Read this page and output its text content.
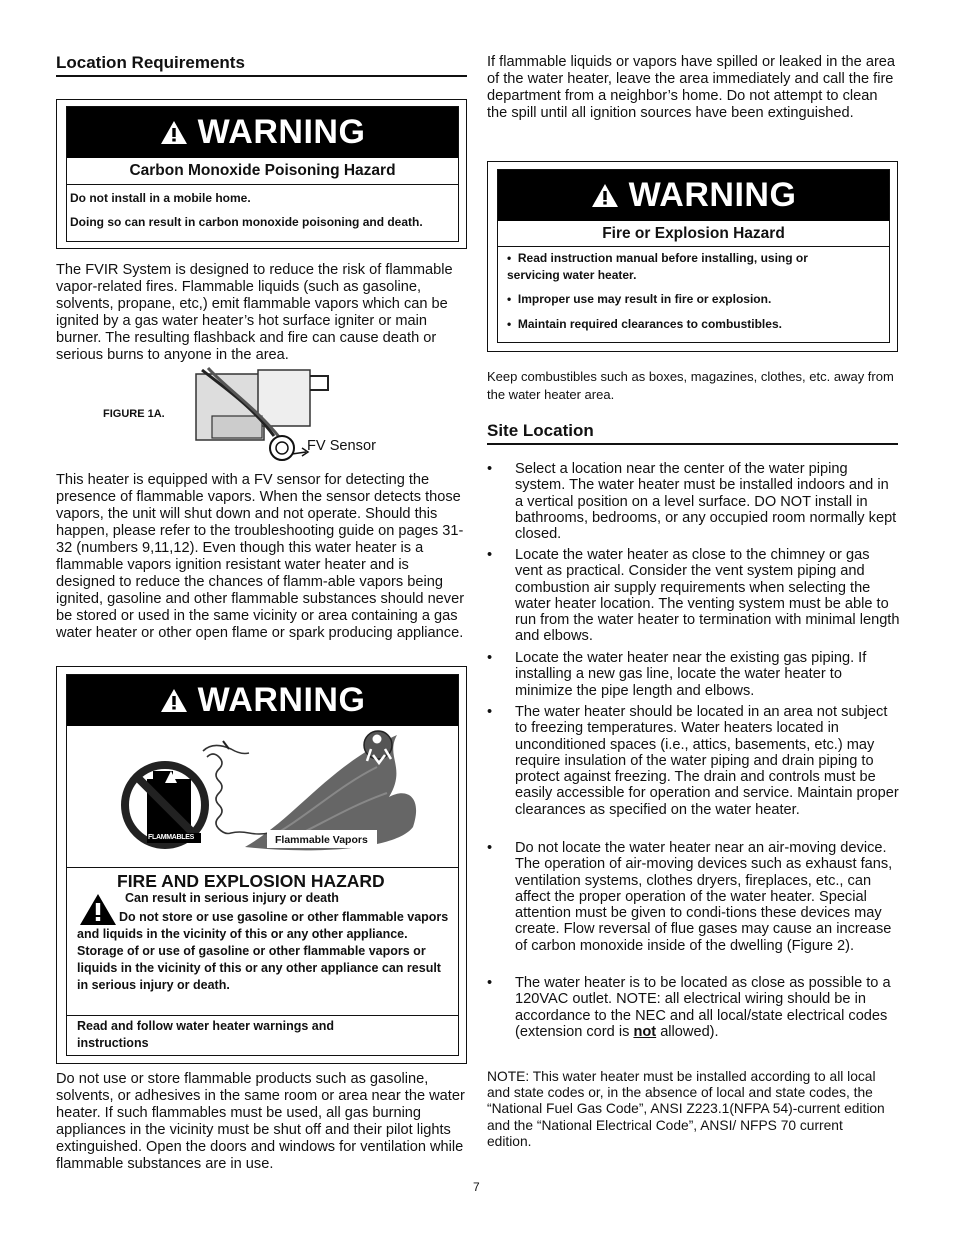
Location Requirements
WARNING
Carbon Monoxide Poisoning Hazard
Do not install in a mobile home.
Doing so can result in carbon monoxide poisoning and death.
The FVIR System is designed to reduce the risk of flammable vapor-related fires. Flammable liquids (such as gasoline, solvents, propane, etc,) emit flammable vapors which can be ignited by a gas water heater’s hot surface igniter or main burner. The resulting flashback and fire can cause death or serious burns to anyone in the area.
FIGURE 1A.
FV Sensor
This heater is equipped with a FV sensor for detecting the presence of flammable vapors. When the sensor detects those vapors, the unit will shut down and not operate. Should this happen, please refer to the troubleshooting guide on pages 31-32 (numbers 9,11,12). Even though this water heater is a flammable vapors ignition resistant water heater and is designed to reduce the chances of flamm-able vapors being ignited, gasoline and other flammable substances should never be stored or used in the same vicinity or area containing a gas water heater or other open flame or spark producing appliance.
WARNING
FLAMMABLES	Flammable Vapors
FIRE AND EXPLOSION HAZARD
Can result in serious injury or death
Do not store or use gasoline or other flammable vapors and liquids in the vicinity of this or any other appliance. Storage of or use of gasoline or other flammable vapors or liquids in the vicinity of this or any other appliance can result in serious injury or death.
Read and follow water heater warnings and instructions
Do not use or store flammable products such as gasoline, solvents, or adhesives in the same room or area near the water heater. If such flammables must be used, all gas burning appliances in the vicinity must be shut off and their pilot lights extinguished. Open the doors and windows for ventilation while flammable substances are in use.
If flammable liquids or vapors have spilled or leaked in the area of the water heater, leave the area immediately and call the fire department from a neighbor’s home. Do not attempt to clean the spill until all ignition sources have been extinguished.
WARNING
Fire or Explosion Hazard
•  Read instruction manual before installing, using or servicing water heater.
•  Improper use may result in fire or explosion.
•  Maintain required clearances to combustibles.
Keep combustibles such as boxes, magazines, clothes, etc. away from the water heater area.
Site Location
• Select a location near the center of the water piping system. The water heater must be installed indoors and in a vertical position on a level surface. DO NOT install in bathrooms, bedrooms, or any occupied room normally kept closed.
• Locate the water heater as close to the chimney or gas vent as practical. Consider the vent system piping and combustion air supply requirements when selecting the water heater location. The venting system must be able to run from the water heater to termination with minimal length and elbows.
• Locate the water heater near the existing gas piping. If installing a new gas line, locate the water heater to minimize the pipe length and elbows.
• The water heater should be located in an area not subject to freezing temperatures. Water heaters located in unconditioned spaces (i.e., attics, basements, etc.) may require insulation of the water piping and drain piping to protect against freezing. The drain and controls must be easily accessible for operation and service. Maintain proper clearances as specified on the water heater.
• Do not locate the water heater near an air-moving device. The operation of air-moving devices such as exhaust fans, ventilation systems, clothes dryers, fireplaces, etc., can affect the proper operation of the water heater. Special attention must be given to condi-tions these devices may create. Flow reversal of flue gases may cause an increase of carbon monoxide inside of the dwelling (Figure 2).
• The water heater is to be located as close as possible to a 120VAC outlet. NOTE: all electrical wiring should be in accordance to the NEC and all local/state electrical codes (extension cord is not allowed).
NOTE: This water heater must be installed according to all local and state codes or, in the absence of local and state codes, the “National Fuel Gas Code”, ANSI Z223.1(NFPA 54)-current edition and the “National Electrical Code”, ANSI/ NFPS 70 current edition.
7
